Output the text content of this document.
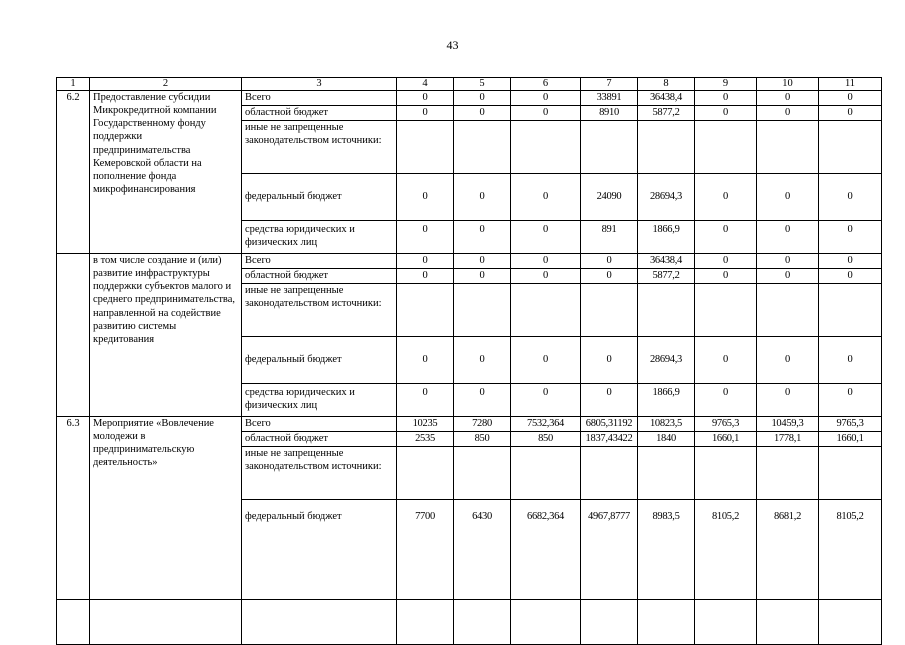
43
1	2	3	4	5	6	7	8	9	10	11
6.2	Предоставление субсидии Микрокредитной компании Государственному фонду поддержки предпринимательства Кемеровской области на пополнение фонда микрофинансирования	Всего	0	0	0	33891	36438,4	0	0	0
		областной бюджет	0	0	0	8910	5877,2	0	0	0
		иные не запрещенные законодательством источники:								
		федеральный бюджет	0	0	0	24090	28694,3	0	0	0
		средства юридических и физических лиц	0	0	0	891	1866,9	0	0	0
	в том числе создание и (или) развитие инфраструктуры поддержки субъектов малого и среднего предпринимательства, направленной на содействие развитию системы кредитования	Всего	0	0	0	0	36438,4	0	0	0
		областной бюджет	0	0	0	0	5877,2	0	0	0
		иные не запрещенные законодательством источники:								
		федеральный бюджет	0	0	0	0	28694,3	0	0	0
		средства юридических и физических лиц	0	0	0	0	1866,9	0	0	0
6.3	Мероприятие «Вовлечение молодежи в предпринимательскую деятельность»	Всего	10235	7280	7532,364	6805,31192	10823,5	9765,3	10459,3	9765,3
		областной бюджет	2535	850	850	1837,43422	1840	1660,1	1778,1	1660,1
		иные не запрещенные законодательством источники:								
		федеральный бюджет	7700	6430	6682,364	4967,8777	8983,5	8105,2	8681,2	8105,2
